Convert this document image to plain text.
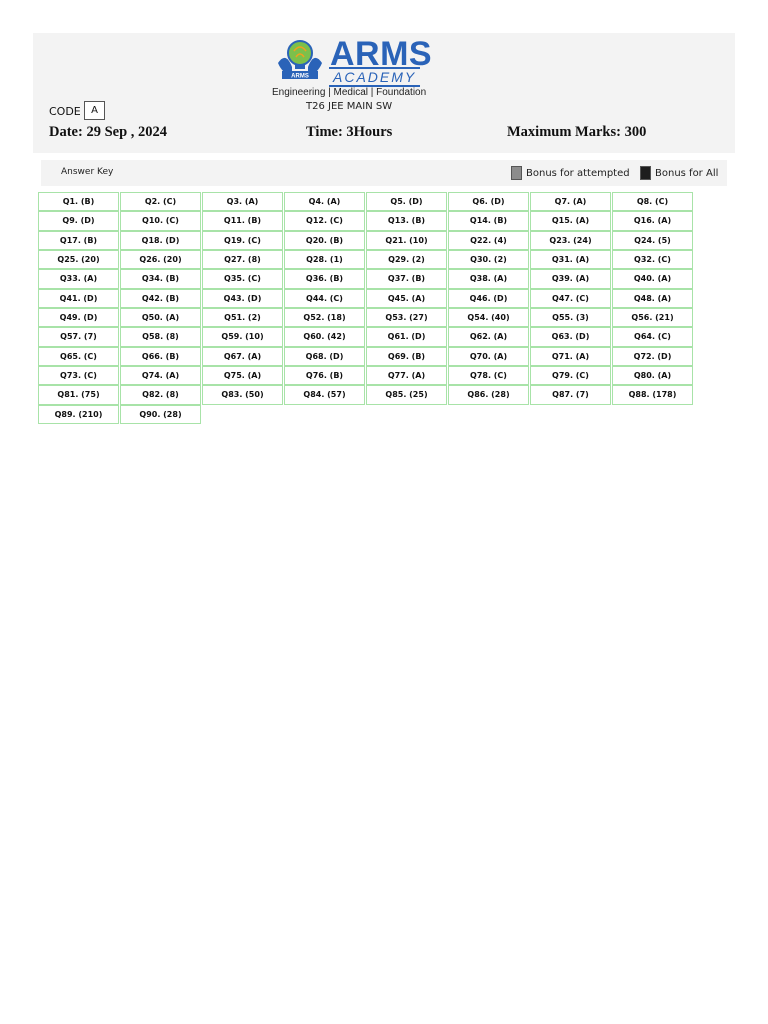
ARMS
ARMS
ACADEMY
Engineering | Medical | Foundation
T26 JEE MAIN SW
CODE	A
Date: 29 Sep , 2024	Time: 3Hours	Maximum Marks: 300
Answer Key	Bonus for attempted	Bonus for All
Q1. (B)	Q2. (C)	Q3. (A)	Q4. (A)	Q5. (D)	Q6. (D)	Q7. (A)	Q8. (C)
Q9. (D)	Q10. (C)	Q11. (B)	Q12. (C)	Q13. (B)	Q14. (B)	Q15. (A)	Q16. (A)
Q17. (B)	Q18. (D)	Q19. (C)	Q20. (B)	Q21. (10)	Q22. (4)	Q23. (24)	Q24. (5)
Q25. (20)	Q26. (20)	Q27. (8)	Q28. (1)	Q29. (2)	Q30. (2)	Q31. (A)	Q32. (C)
Q33. (A)	Q34. (B)	Q35. (C)	Q36. (B)	Q37. (B)	Q38. (A)	Q39. (A)	Q40. (A)
Q41. (D)	Q42. (B)	Q43. (D)	Q44. (C)	Q45. (A)	Q46. (D)	Q47. (C)	Q48. (A)
Q49. (D)	Q50. (A)	Q51. (2)	Q52. (18)	Q53. (27)	Q54. (40)	Q55. (3)	Q56. (21)
Q57. (7)	Q58. (8)	Q59. (10)	Q60. (42)	Q61. (D)	Q62. (A)	Q63. (D)	Q64. (C)
Q65. (C)	Q66. (B)	Q67. (A)	Q68. (D)	Q69. (B)	Q70. (A)	Q71. (A)	Q72. (D)
Q73. (C)	Q74. (A)	Q75. (A)	Q76. (B)	Q77. (A)	Q78. (C)	Q79. (C)	Q80. (A)
Q81. (75)	Q82. (8)	Q83. (50)	Q84. (57)	Q85. (25)	Q86. (28)	Q87. (7)	Q88. (178)
Q89. (210)	Q90. (28)
